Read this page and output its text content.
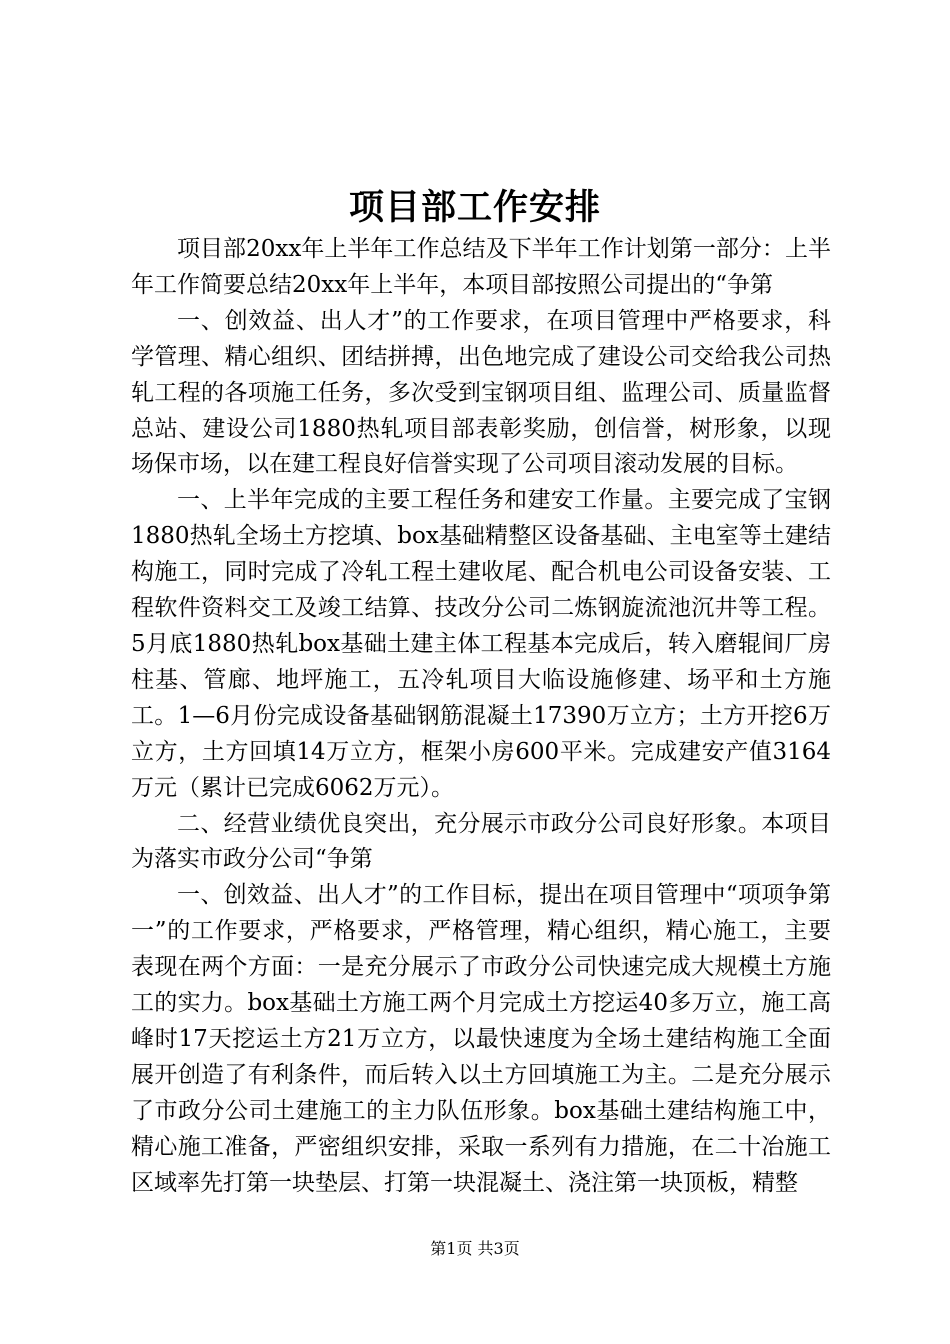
项目部工作安排

项目部20xx年上半年工作总结及下半年工作计划第一部分：上半年工作简要总结20xx年上半年，本项目部按照公司提出的“争第

一、创效益、出人才”的工作要求，在项目管理中严格要求，科学管理、精心组织、团结拼搏，出色地完成了建设公司交给我公司热轧工程的各项施工任务，多次受到宝钢项目组、监理公司、质量监督总站、建设公司1880热轧项目部表彰奖励，创信誉，树形象，以现场保市场，以在建工程良好信誉实现了公司项目滚动发展的目标。

一、上半年完成的主要工程任务和建安工作量。主要完成了宝钢1880热轧全场土方挖填、box基础精整区设备基础、主电室等土建结构施工，同时完成了冷轧工程土建收尾、配合机电公司设备安装、工程软件资料交工及竣工结算、技改分公司二炼钢旋流池沉井等工程。5月底1880热轧box基础土建主体工程基本完成后，转入磨辊间厂房柱基、管廊、地坪施工，五冷轧项目大临设施修建、场平和土方施工。1—6月份完成设备基础钢筋混凝土17390万立方；土方开挖6万立方，土方回填14万立方，框架小房600平米。完成建安产值3164万元（累计已完成6062万元）。

二、经营业绩优良突出，充分展示市政分公司良好形象。本项目为落实市政分公司“争第

一、创效益、出人才”的工作目标，提出在项目管理中“项项争第一”的工作要求，严格要求，严格管理，精心组织，精心施工，主要表现在两个方面：一是充分展示了市政分公司快速完成大规模土方施工的实力。box基础土方施工两个月完成土方挖运40多万立，施工高峰时17天挖运土方21万立方，以最快速度为全场土建结构施工全面展开创造了有利条件，而后转入以土方回填施工为主。二是充分展示了市政分公司土建施工的主力队伍形象。box基础土建结构施工中，精心施工准备，严密组织安排，采取一系列有力措施，在二十冶施工区域率先打第一块垫层、打第一块混凝土、浇注第一块顶板，精整

第1页 共3页
